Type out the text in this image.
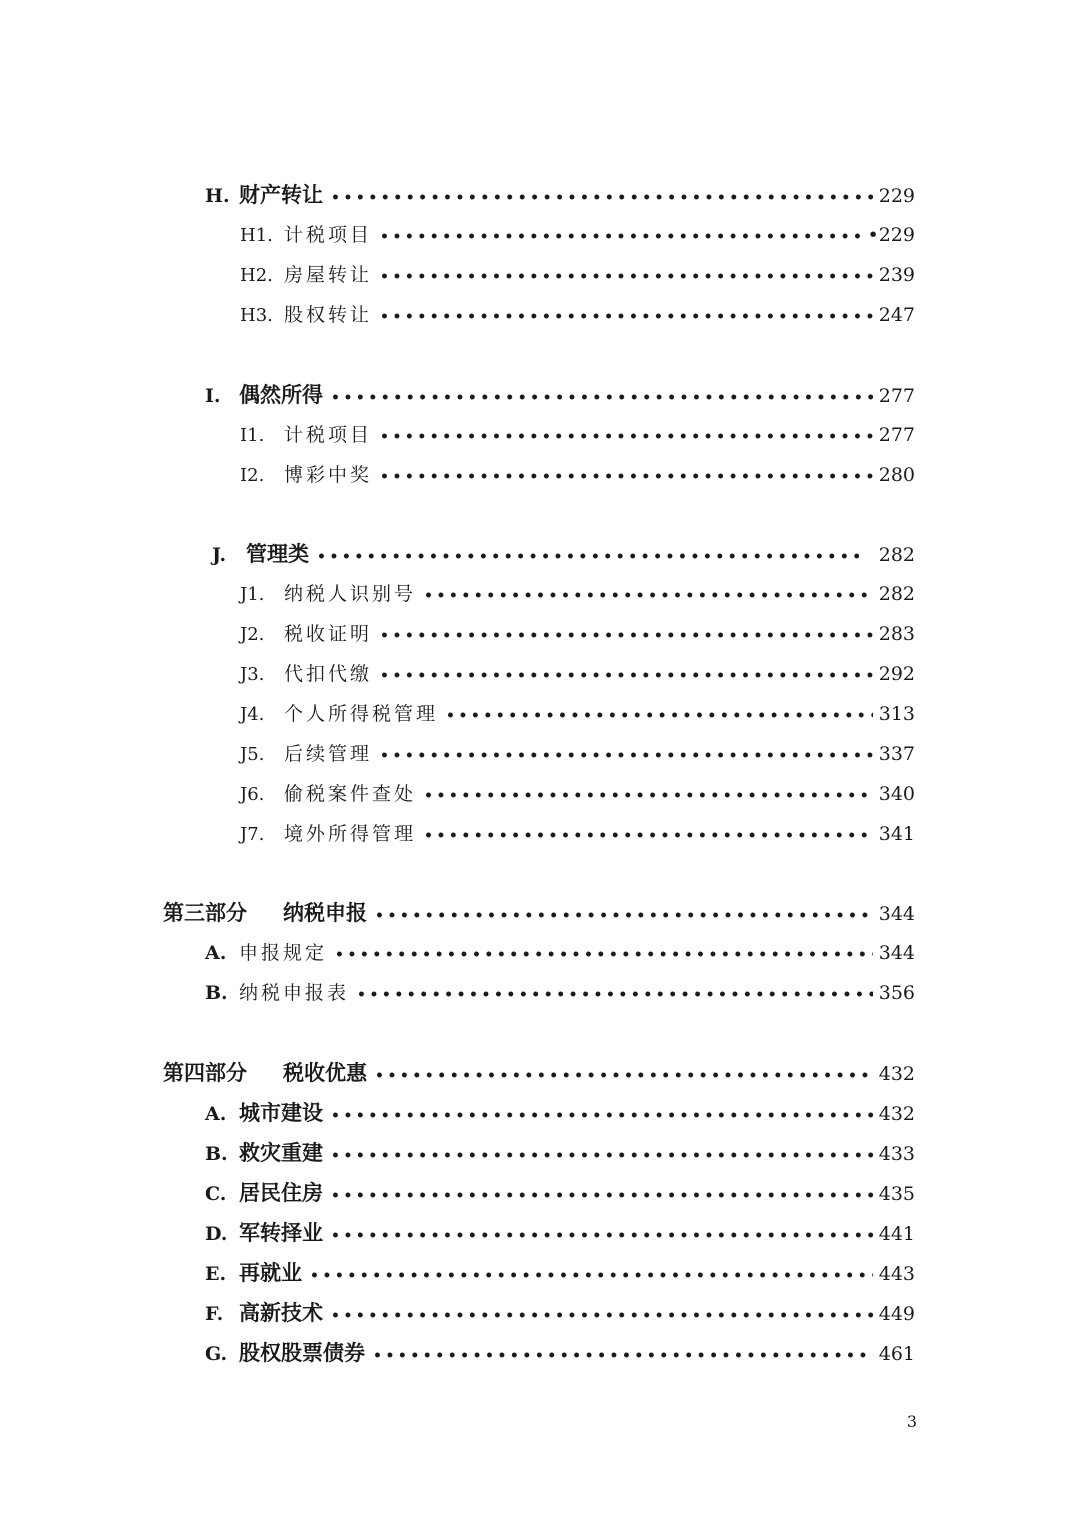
H. 财产转让 •••••	229
H1. 计税项目 •••••	•229
H2. 房屋转让 •••••	239
H3. 股权转让 •••••	247
I. 偶然所得 •••••	277
I1.	计税项目 •••••	277
I2.	博彩中奖 •••••	280
J. 管理类 •••••	282
J1.	纳税人识别号 •••••	282
J2.	税收证明 •••••	283
J3.	代扣代缴 •••••	292
J4.	个人所得税管理 •••••	313
J5.	后续管理 •••••	337
J6.	偷税案件查处 •••••	340
J7.	境外所得管理 •••••	341
第三部分	纳税申报 •••••	344
A. 申报规定 •••••	344
B. 纳税申报表 •••••	356
第四部分	税收优惠 •••••	432
A. 城市建设 •••••	432
B. 救灾重建 •••••	433
C. 居民住房 •••••	435
D. 军转择业 •••••	441
E. 再就业 •••••	443
F. 高新技术 •••••	449
G. 股权股票债券 •••••	461
3
